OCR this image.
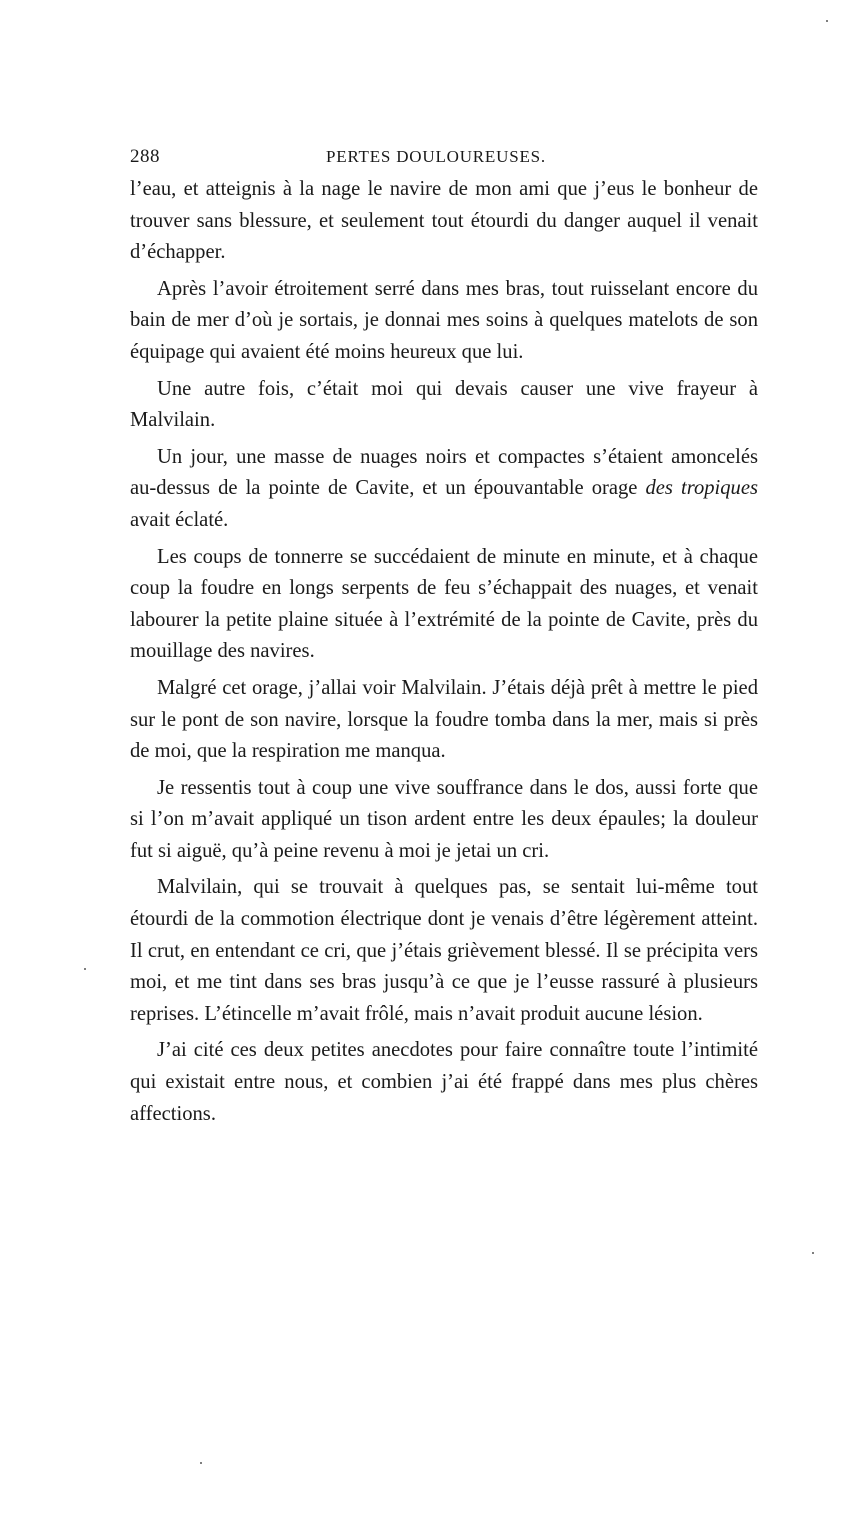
288	PERTES DOULOUREUSES.

l’eau, et atteignis à la nage le navire de mon ami que j’eus le bonheur de trouver sans blessure, et seulement tout étourdi du danger auquel il venait d’échapper.

Après l’avoir étroitement serré dans mes bras, tout ruisselant encore du bain de mer d’où je sortais, je donnai mes soins à quelques matelots de son équipage qui avaient été moins heureux que lui.

Une autre fois, c’était moi qui devais causer une vive frayeur à Malvilain.

Un jour, une masse de nuages noirs et compactes s’étaient amoncelés au-dessus de la pointe de Cavite, et un épouvantable orage des tropiques avait éclaté.

Les coups de tonnerre se succédaient de minute en minute, et à chaque coup la foudre en longs serpents de feu s’échappait des nuages, et venait labourer la petite plaine située à l’extrémité de la pointe de Cavite, près du mouillage des navires.

Malgré cet orage, j’allai voir Malvilain. J’étais déjà prêt à mettre le pied sur le pont de son navire, lorsque la foudre tomba dans la mer, mais si près de moi, que la respiration me manqua.

Je ressentis tout à coup une vive souffrance dans le dos, aussi forte que si l’on m’avait appliqué un tison ardent entre les deux épaules; la douleur fut si aiguë, qu’à peine revenu à moi je jetai un cri.

Malvilain, qui se trouvait à quelques pas, se sentait lui-même tout étourdi de la commotion électrique dont je venais d’être légèrement atteint. Il crut, en entendant ce cri, que j’étais grièvement blessé. Il se précipita vers moi, et me tint dans ses bras jusqu’à ce que je l’eusse rassuré à plusieurs reprises. L’étincelle m’avait frôlé, mais n’avait produit aucune lésion.

J’ai cité ces deux petites anecdotes pour faire connaître toute l’intimité qui existait entre nous, et combien j’ai été frappé dans mes plus chères affections.
